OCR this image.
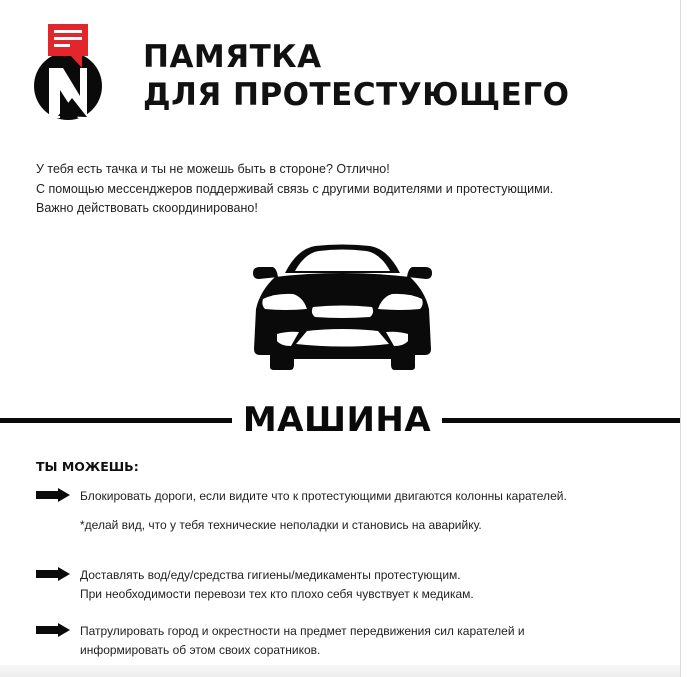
ПАМЯТКА
ДЛЯ ПРОТЕСТУЮЩЕГО
У тебя есть тачка и ты не можешь быть в стороне? Отлично!
С помощью мессенджеров поддерживай связь с другими водителями и протестующими.
Важно действовать скоординировано!
МАШИНА
ТЫ МОЖЕШЬ:
Блокировать дороги, если видите что к протестующими двигаются колонны карателей.
*делай вид, что у тебя технические неполадки и становись на аварийку.
Доставлять вод/еду/средства гигиены/медикаменты протестующим.
При необходимости перевози тех кто плохо себя чувствует к медикам.
Патрулировать город и окрестности на предмет передвижения сил карателей и
информировать об этом своих соратников.
